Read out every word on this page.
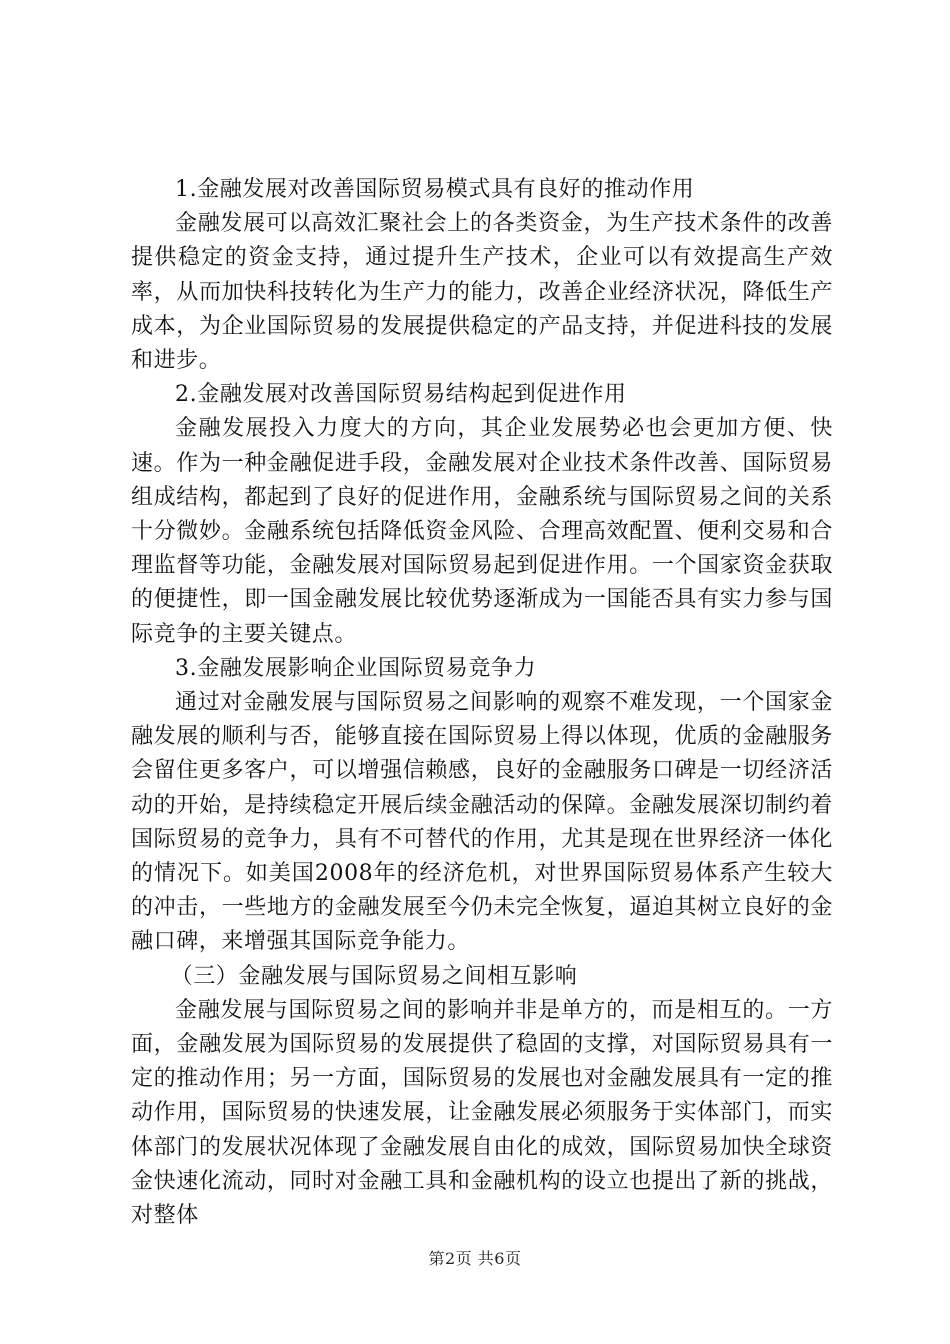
1.金融发展对改善国际贸易模式具有良好的推动作用

金融发展可以高效汇聚社会上的各类资金，为生产技术条件的改善提供稳定的资金支持，通过提升生产技术，企业可以有效提高生产效率，从而加快科技转化为生产力的能力，改善企业经济状况，降低生产成本，为企业国际贸易的发展提供稳定的产品支持，并促进科技的发展和进步。

2.金融发展对改善国际贸易结构起到促进作用

金融发展投入力度大的方向，其企业发展势必也会更加方便、快速。作为一种金融促进手段，金融发展对企业技术条件改善、国际贸易组成结构，都起到了良好的促进作用，金融系统与国际贸易之间的关系十分微妙。金融系统包括降低资金风险、合理高效配置、便利交易和合理监督等功能，金融发展对国际贸易起到促进作用。一个国家资金获取的便捷性，即一国金融发展比较优势逐渐成为一国能否具有实力参与国际竞争的主要关键点。

3.金融发展影响企业国际贸易竞争力

通过对金融发展与国际贸易之间影响的观察不难发现，一个国家金融发展的顺利与否，能够直接在国际贸易上得以体现，优质的金融服务会留住更多客户，可以增强信赖感，良好的金融服务口碑是一切经济活动的开始，是持续稳定开展后续金融活动的保障。金融发展深切制约着国际贸易的竞争力，具有不可替代的作用，尤其是现在世界经济一体化的情况下。如美国2008年的经济危机，对世界国际贸易体系产生较大的冲击，一些地方的金融发展至今仍未完全恢复，逼迫其树立良好的金融口碑，来增强其国际竞争能力。

（三）金融发展与国际贸易之间相互影响

金融发展与国际贸易之间的影响并非是单方的，而是相互的。一方面，金融发展为国际贸易的发展提供了稳固的支撑，对国际贸易具有一定的推动作用；另一方面，国际贸易的发展也对金融发展具有一定的推动作用，国际贸易的快速发展，让金融发展必须服务于实体部门，而实体部门的发展状况体现了金融发展自由化的成效，国际贸易加快全球资金快速化流动，同时对金融工具和金融机构的设立也提出了新的挑战，对整体

第2页 共6页
